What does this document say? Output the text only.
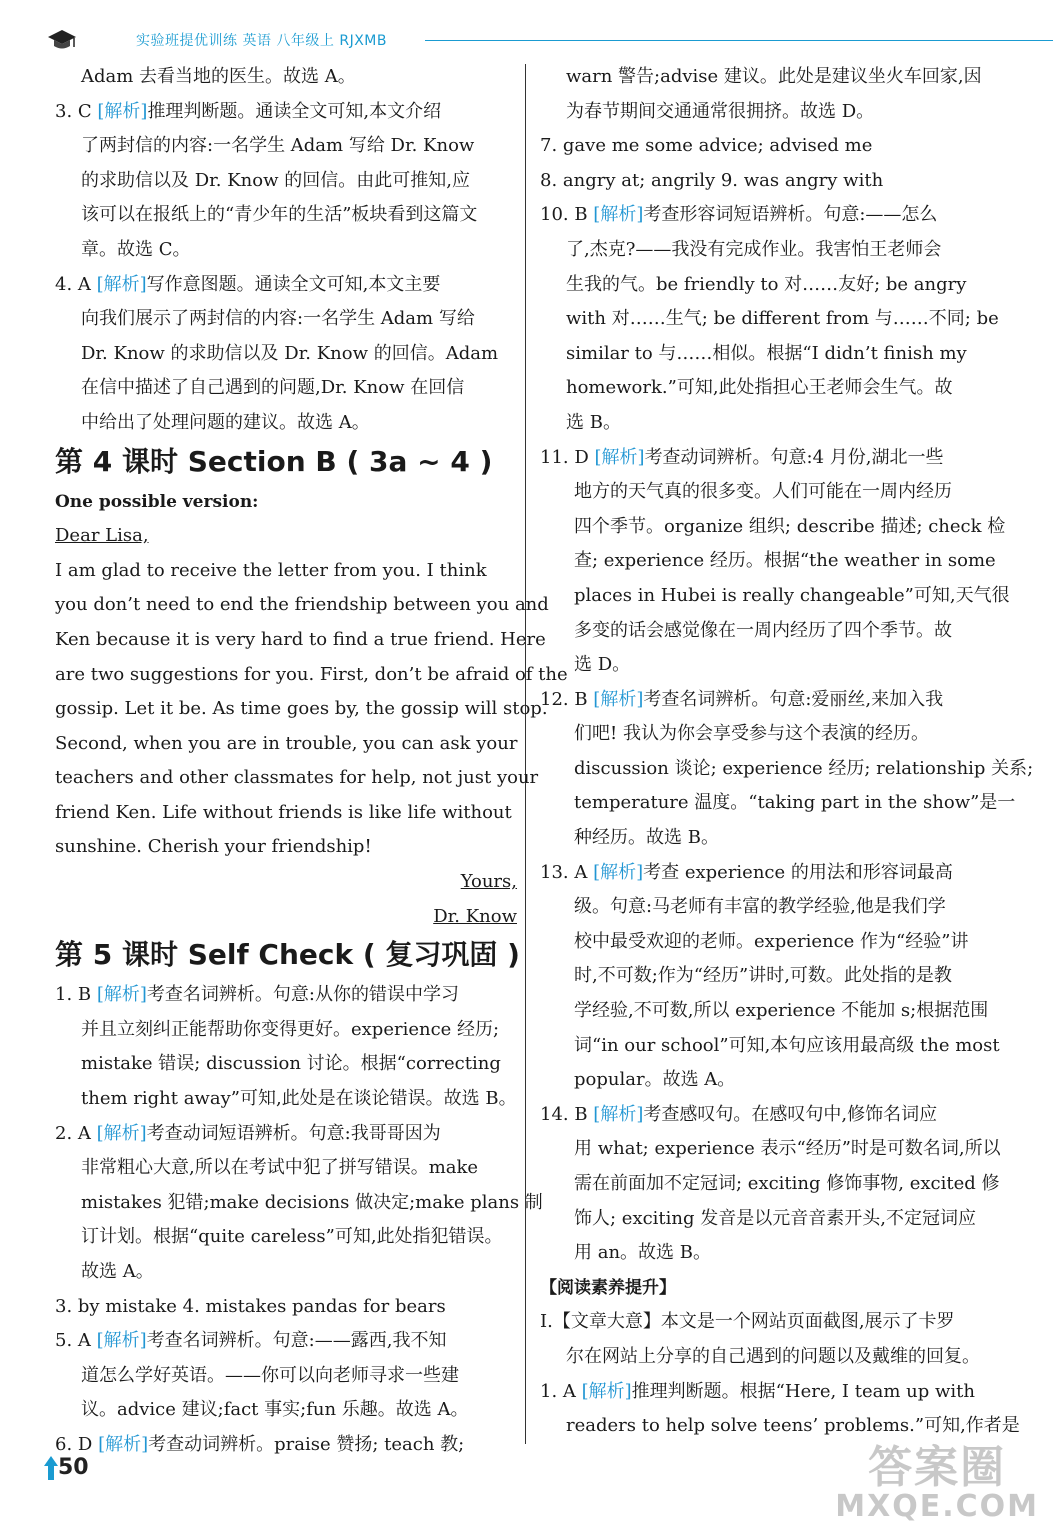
实验班提优训练 英语 八年级上 RJXMB
Adam 去看当地的医生。故选 A。
3. C [解析]推理判断题。通读全文可知,本文介绍
了两封信的内容:一名学生 Adam 写给 Dr. Know
的求助信以及 Dr. Know 的回信。由此可推知,应
该可以在报纸上的“青少年的生活”板块看到这篇文
章。故选 C。
4. A [解析]写作意图题。通读全文可知,本文主要
向我们展示了两封信的内容:一名学生 Adam 写给
Dr. Know 的求助信以及 Dr. Know 的回信。Adam
在信中描述了自己遇到的问题,Dr. Know 在回信
中给出了处理问题的建议。故选 A。
第 4 课时 Section B ( 3a ~ 4 )
One possible version:
Dear Lisa,
I am glad to receive the letter from you. I think
you don’t need to end the friendship between you and
Ken because it is very hard to find a true friend. Here
are two suggestions for you. First, don’t be afraid of the
gossip. Let it be. As time goes by, the gossip will stop.
Second, when you are in trouble, you can ask your
teachers and other classmates for help, not just your
friend Ken. Life without friends is like life without
sunshine. Cherish your friendship!
Yours,
Dr. Know
第 5 课时 Self Check ( 复习巩固 )
1. B [解析]考查名词辨析。句意:从你的错误中学习
并且立刻纠正能帮助你变得更好。experience 经历;
mistake 错误; discussion 讨论。根据“correcting
them right away”可知,此处是在谈论错误。故选 B。
2. A [解析]考查动词短语辨析。句意:我哥哥因为
非常粗心大意,所以在考试中犯了拼写错误。make
mistakes 犯错;make decisions 做决定;make plans 制
订计划。根据“quite careless”可知,此处指犯错误。
故选 A。
3. by mistake 4. mistakes pandas for bears
5. A [解析]考查名词辨析。句意:——露西,我不知
道怎么学好英语。——你可以向老师寻求一些建
议。advice 建议;fact 事实;fun 乐趣。故选 A。
6. D [解析]考查动词辨析。praise 赞扬; teach 教;
warn 警告;advise 建议。此处是建议坐火车回家,因
为春节期间交通通常很拥挤。故选 D。
7. gave me some advice; advised me
8. angry at; angrily 9. was angry with
10. B [解析]考查形容词短语辨析。句意:——怎么
了,杰克?——我没有完成作业。我害怕王老师会
生我的气。be friendly to 对……友好; be angry
with 对……生气; be different from 与……不同; be
similar to 与……相似。根据“I didn’t finish my
homework.”可知,此处指担心王老师会生气。故
选 B。
11. D [解析]考查动词辨析。句意:4 月份,湖北一些
地方的天气真的很多变。人们可能在一周内经历
四个季节。organize 组织; describe 描述; check 检
查; experience 经历。根据“the weather in some
places in Hubei is really changeable”可知,天气很
多变的话会感觉像在一周内经历了四个季节。故
选 D。
12. B [解析]考查名词辨析。句意:爱丽丝,来加入我
们吧! 我认为你会享受参与这个表演的经历。
discussion 谈论; experience 经历; relationship 关系;
temperature 温度。“taking part in the show”是一
种经历。故选 B。
13. A [解析]考查 experience 的用法和形容词最高
级。句意:马老师有丰富的教学经验,他是我们学
校中最受欢迎的老师。experience 作为“经验”讲
时,不可数;作为“经历”讲时,可数。此处指的是教
学经验,不可数,所以 experience 不能加 s;根据范围
词“in our school”可知,本句应该用最高级 the most
popular。故选 A。
14. B [解析]考查感叹句。在感叹句中,修饰名词应
用 what; experience 表示“经历”时是可数名词,所以
需在前面加不定冠词; exciting 修饰事物, excited 修
饰人; exciting 发音是以元音音素开头,不定冠词应
用 an。故选 B。
【阅读素养提升】
Ⅰ.【文章大意】本文是一个网站页面截图,展示了卡罗
尔在网站上分享的自己遇到的问题以及戴维的回复。
1. A [解析]推理判断题。根据“Here, I team up with
readers to help solve teens’ problems.”可知,作者是
50	答案圈
MXQE.COM
